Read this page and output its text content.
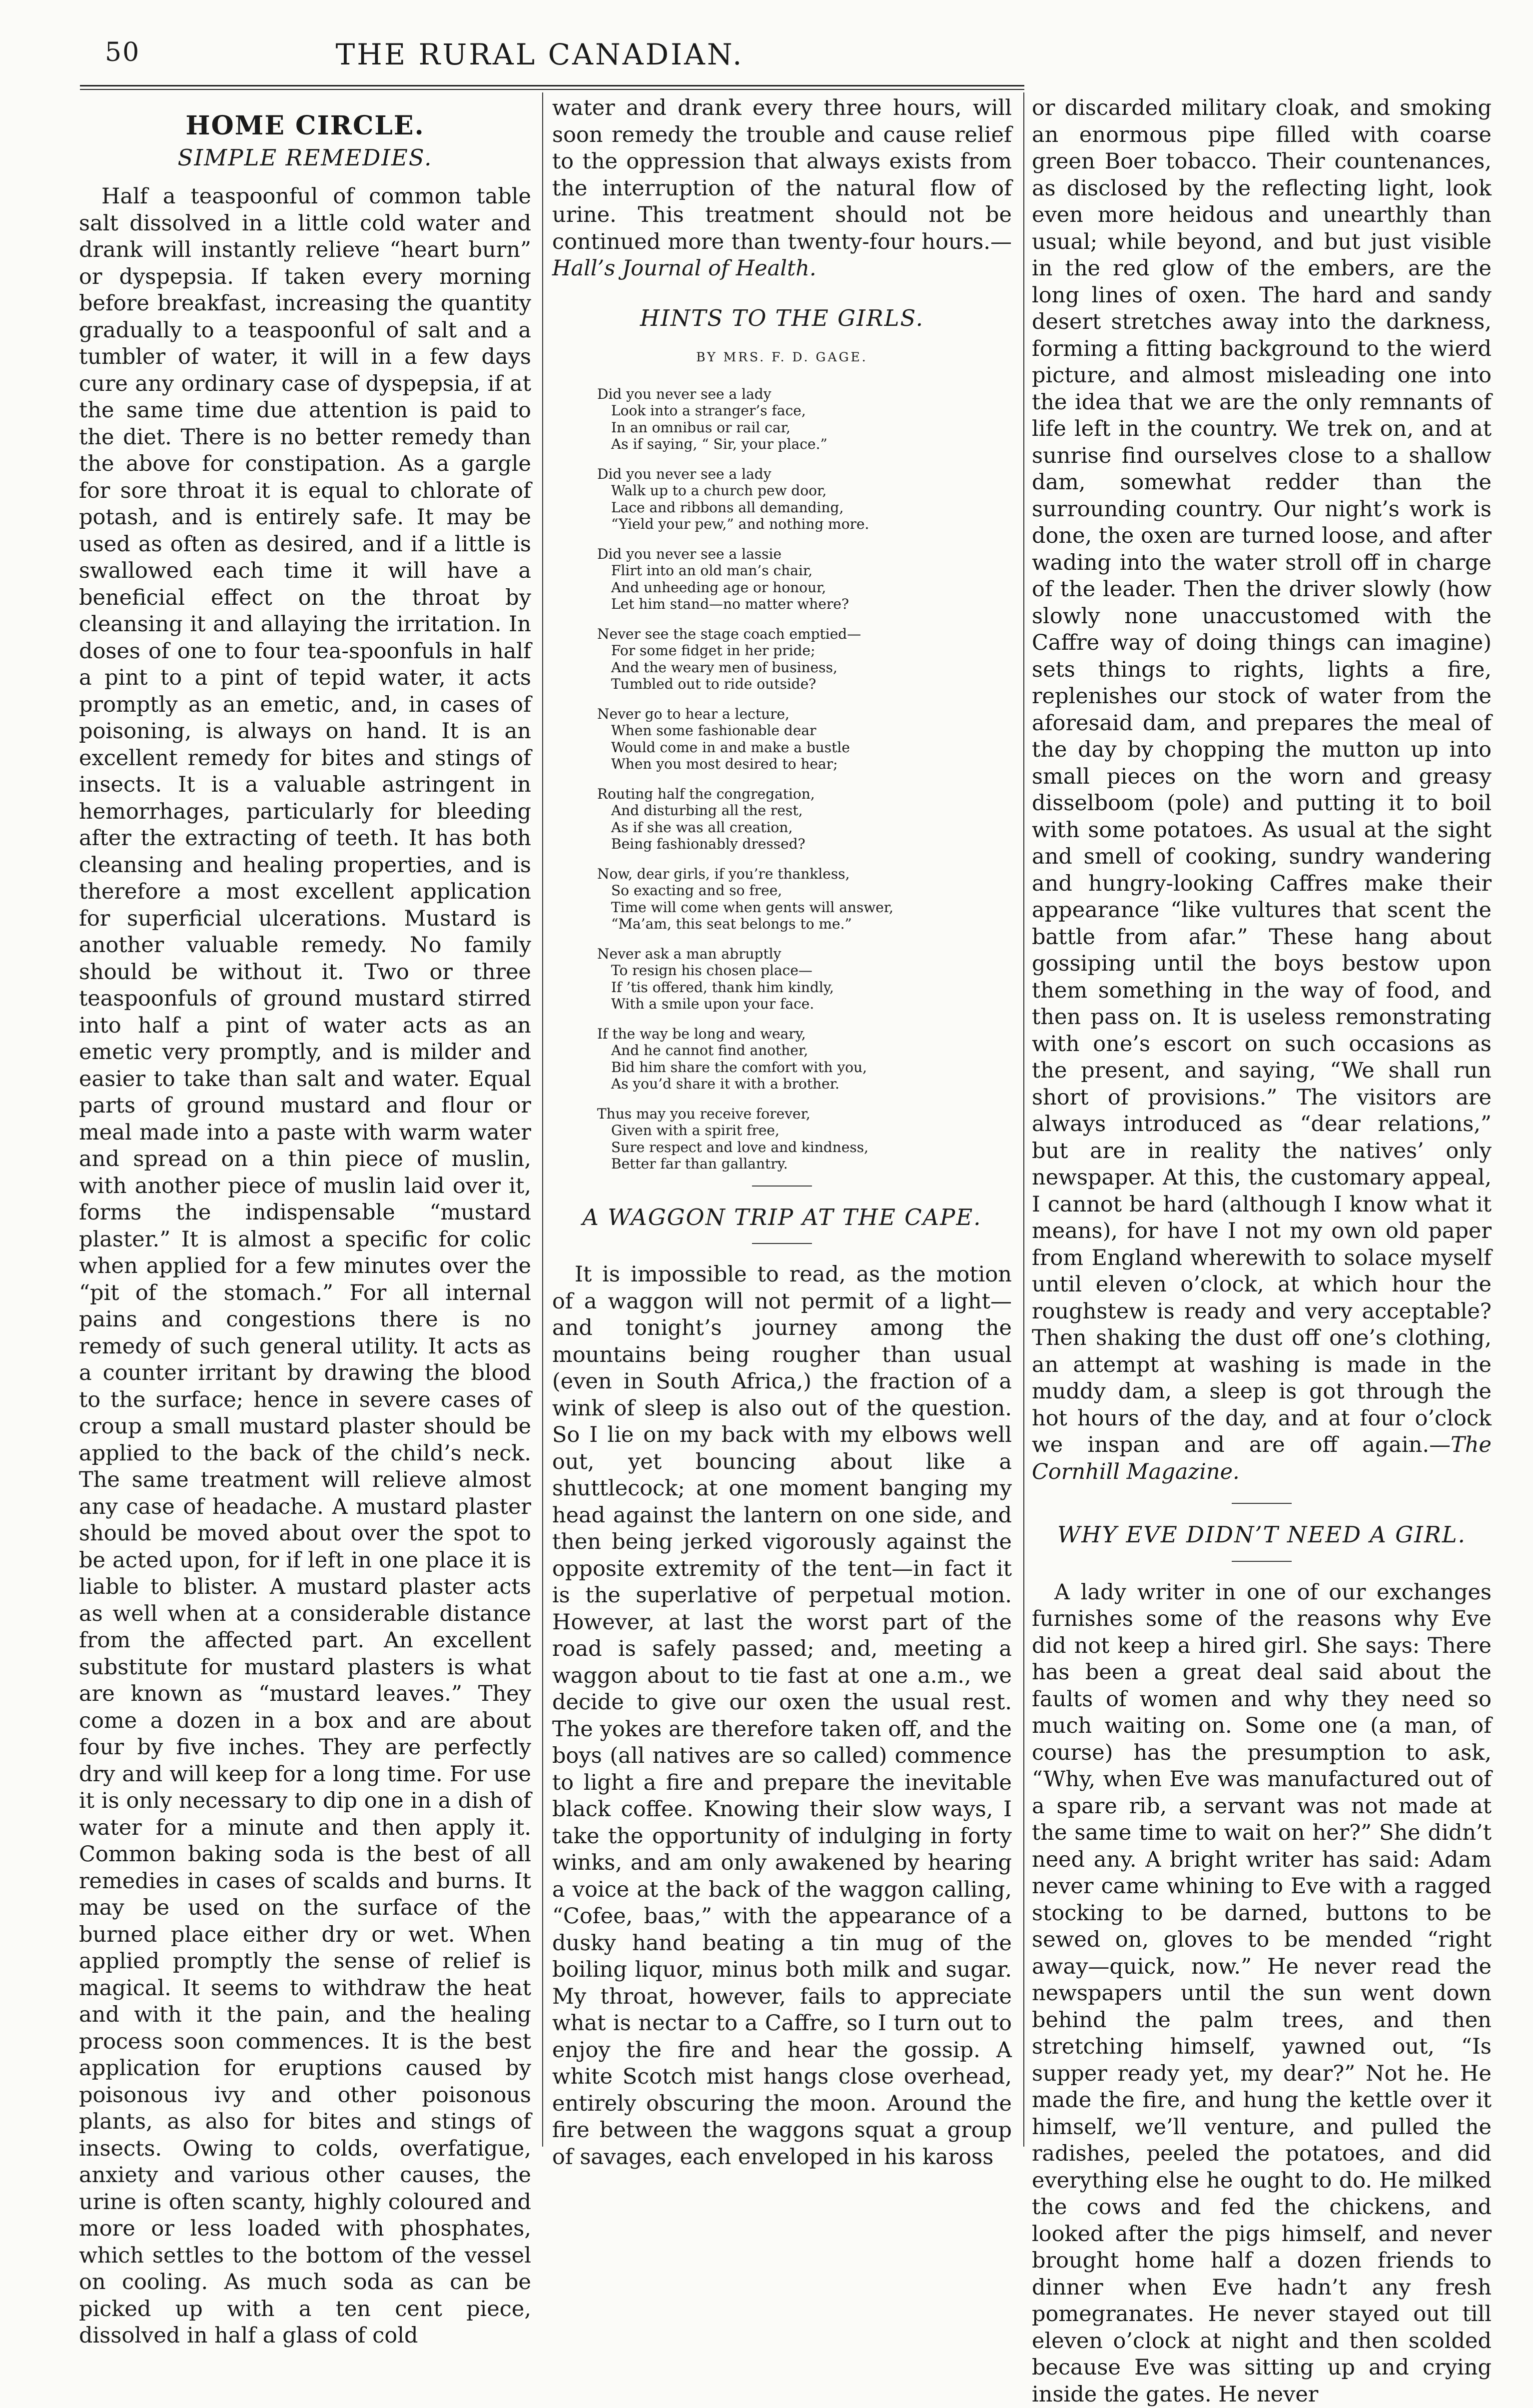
50	THE RURAL CANADIAN.
HOME CIRCLE.
SIMPLE REMEDIES.

Half a teaspoonful of common table salt dissolved in a little cold water and drank will instantly relieve “heart burn” or dyspepsia. If taken every morning before breakfast, increasing the quantity gradually to a teaspoonful of salt and a tumbler of water, it will in a few days cure any ordinary case of dyspepsia, if at the same time due attention is paid to the diet. There is no better remedy than the above for constipation. As a gargle for sore throat it is equal to chlorate of potash, and is entirely safe. It may be used as often as desired, and if a little is swallowed each time it will have a beneficial effect on the throat by cleansing it and allaying the irritation. In doses of one to four tea-spoonfuls in half a pint to a pint of tepid water, it acts promptly as an emetic, and, in cases of poisoning, is always on hand. It is an excellent remedy for bites and stings of insects. It is a valuable astringent in hemorrhages, particularly for bleeding after the extracting of teeth. It has both cleansing and healing properties, and is therefore a most excellent application for superficial ulcerations. Mustard is another valuable remedy. No family should be without it. Two or three teaspoonfuls of ground mustard stirred into half a pint of water acts as an emetic very promptly, and is milder and easier to take than salt and water. Equal parts of ground mustard and flour or meal made into a paste with warm water and spread on a thin piece of muslin, with another piece of muslin laid over it, forms the indispensable “mustard plaster.” It is almost a specific for colic when applied for a few minutes over the “pit of the stomach.” For all internal pains and congestions there is no remedy of such general utility. It acts as a counter irritant by drawing the blood to the surface; hence in severe cases of croup a small mustard plaster should be applied to the back of the child’s neck. The same treatment will relieve almost any case of headache. A mustard plaster should be moved about over the spot to be acted upon, for if left in one place it is liable to blister. A mustard plaster acts as well when at a considerable distance from the affected part. An excellent substitute for mustard plasters is what are known as “mustard leaves.” They come a dozen in a box and are about four by five inches. They are perfectly dry and will keep for a long time. For use it is only necessary to dip one in a dish of water for a minute and then apply it. Common baking soda is the best of all remedies in cases of scalds and burns. It may be used on the surface of the burned place either dry or wet. When applied promptly the sense of relief is magical. It seems to withdraw the heat and with it the pain, and the healing process soon commences. It is the best application for eruptions caused by poisonous ivy and other poisonous plants, as also for bites and stings of insects. Owing to colds, overfatigue, anxiety and various other causes, the urine is often scanty, highly coloured and more or less loaded with phosphates, which settles to the bottom of the vessel on cooling. As much soda as can be picked up with a ten cent piece, dissolved in half a glass of cold

water and drank every three hours, will soon remedy the trouble and cause relief to the oppression that always exists from the interruption of the natural flow of urine. This treatment should not be continued more than twenty-four hours.—Hall’s Journal of Health.

HINTS TO THE GIRLS.
BY MRS. F. D. GAGE.
Did you never see a lady
Look into a stranger’s face,
In an omnibus or rail car,
As if saying, “ Sir, your place.”
Did you never see a lady
Walk up to a church pew door,
Lace and ribbons all demanding,
“Yield your pew,” and nothing more.
Did you never see a lassie
Flirt into an old man’s chair,
And unheeding age or honour,
Let him stand—no matter where?
Never see the stage coach emptied—
For some fidget in her pride;
And the weary men of business,
Tumbled out to ride outside?
Never go to hear a lecture,
When some fashionable dear
Would come in and make a bustle
When you most desired to hear;
Routing half the congregation,
And disturbing all the rest,
As if she was all creation,
Being fashionably dressed?
Now, dear girls, if you’re thankless,
So exacting and so free,
Time will come when gents will answer,
“Ma’am, this seat belongs to me.”
Never ask a man abruptly
To resign his chosen place—
If ’tis offered, thank him kindly,
With a smile upon your face.
If the way be long and weary,
And he cannot find another,
Bid him share the comfort with you,
As you’d share it with a brother.
Thus may you receive forever,
Given with a spirit free,
Sure respect and love and kindness,
Better far than gallantry.
A WAGGON TRIP AT THE CAPE.

It is impossible to read, as the motion of a waggon will not permit of a light—and tonight’s journey among the mountains being rougher than usual (even in South Africa,) the fraction of a wink of sleep is also out of the question. So I lie on my back with my elbows well out, yet bouncing about like a shuttlecock; at one moment banging my head against the lantern on one side, and then being jerked vigorously against the opposite extremity of the tent—in fact it is the superlative of perpetual motion. However, at last the worst part of the road is safely passed; and, meeting a waggon about to tie fast at one a.m., we decide to give our oxen the usual rest. The yokes are therefore taken off, and the boys (all natives are so called) commence to light a fire and prepare the inevitable black coffee. Knowing their slow ways, I take the opportunity of indulging in forty winks, and am only awakened by hearing a voice at the back of the waggon calling, “Cofee, baas,” with the appearance of a dusky hand beating a tin mug of the boiling liquor, minus both milk and sugar. My throat, however, fails to appreciate what is nectar to a Caffre, so I turn out to enjoy the fire and hear the gossip. A white Scotch mist hangs close overhead, entirely obscuring the moon. Around the fire between the waggons squat a group of savages, each enveloped in his kaross

or discarded military cloak, and smoking an enormous pipe filled with coarse green Boer tobacco. Their countenances, as disclosed by the reflecting light, look even more heidous and unearthly than usual; while beyond, and but just visible in the red glow of the embers, are the long lines of oxen. The hard and sandy desert stretches away into the darkness, forming a fitting background to the wierd picture, and almost misleading one into the idea that we are the only remnants of life left in the country. We trek on, and at sunrise find ourselves close to a shallow dam, somewhat redder than the surrounding country. Our night’s work is done, the oxen are turned loose, and after wading into the water stroll off in charge of the leader. Then the driver slowly (how slowly none unaccustomed with the Caffre way of doing things can imagine) sets things to rights, lights a fire, replenishes our stock of water from the aforesaid dam, and prepares the meal of the day by chopping the mutton up into small pieces on the worn and greasy disselboom (pole) and putting it to boil with some potatoes. As usual at the sight and smell of cooking, sundry wandering and hungry-looking Caffres make their appearance “like vultures that scent the battle from afar.” These hang about gossiping until the boys bestow upon them something in the way of food, and then pass on. It is useless remonstrating with one’s escort on such occasions as the present, and saying, “We shall run short of provisions.” The visitors are always introduced as “dear relations,” but are in reality the natives’ only newspaper. At this, the customary appeal, I cannot be hard (although I know what it means), for have I not my own old paper from England wherewith to solace myself until eleven o’clock, at which hour the roughstew is ready and very acceptable? Then shaking the dust off one’s clothing, an attempt at washing is made in the muddy dam, a sleep is got through the hot hours of the day, and at four o’clock we inspan and are off again.—The Cornhill Magazine.

WHY EVE DIDN’T NEED A GIRL.

A lady writer in one of our exchanges furnishes some of the reasons why Eve did not keep a hired girl. She says: There has been a great deal said about the faults of women and why they need so much waiting on. Some one (a man, of course) has the presumption to ask, “Why, when Eve was manufactured out of a spare rib, a servant was not made at the same time to wait on her?” She didn’t need any. A bright writer has said: Adam never came whining to Eve with a ragged stocking to be darned, buttons to be sewed on, gloves to be mended “right away—quick, now.” He never read the newspapers until the sun went down behind the palm trees, and then stretching himself, yawned out, “Is supper ready yet, my dear?” Not he. He made the fire, and hung the kettle over it himself, we’ll venture, and pulled the radishes, peeled the potatoes, and did everything else he ought to do. He milked the cows and fed the chickens, and looked after the pigs himself, and never brought home half a dozen friends to dinner when Eve hadn’t any fresh pomegranates. He never stayed out till eleven o’clock at night and then scolded because Eve was sitting up and crying inside the gates. He never
